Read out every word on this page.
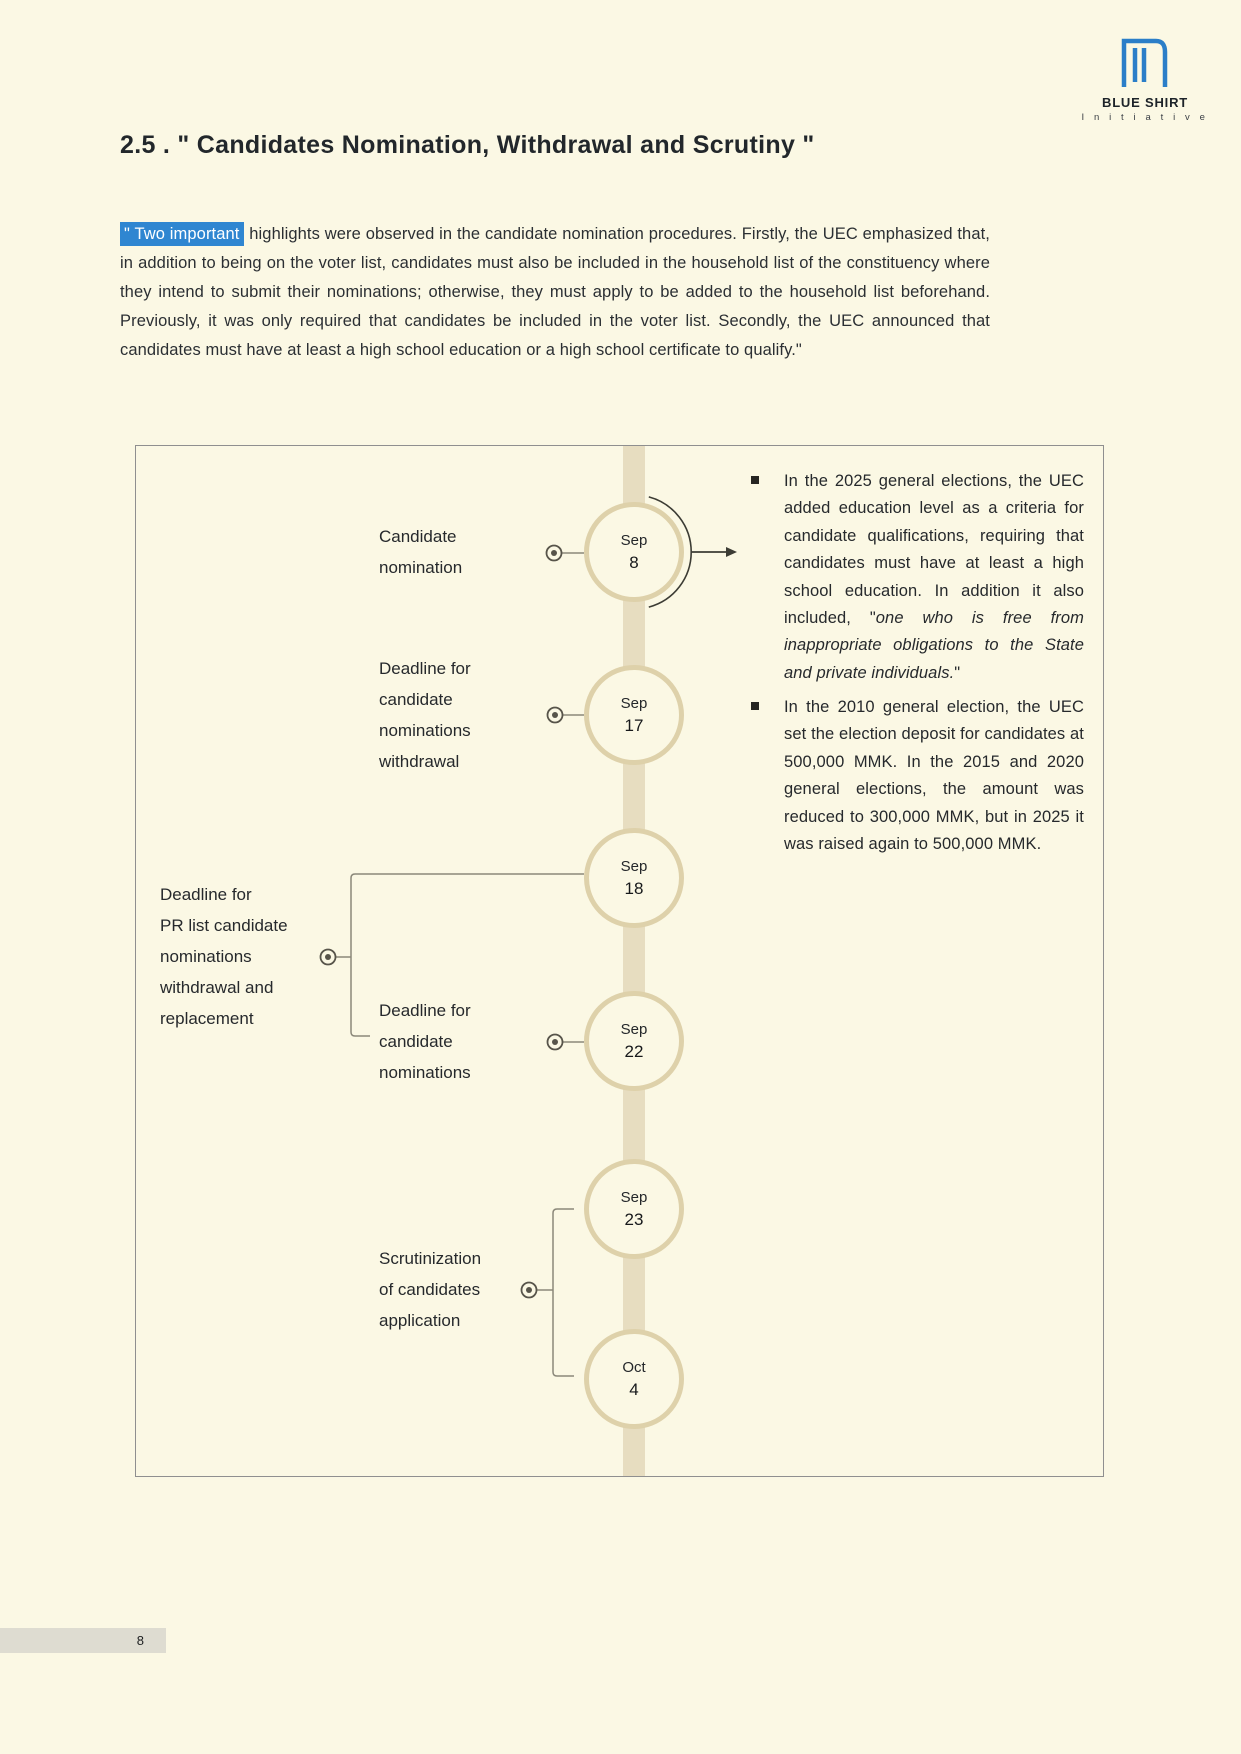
BLUE SHIRT
I n i t i a t i v e
2.5 . " Candidates Nomination, Withdrawal and Scrutiny "

" Two important highlights were observed in the candidate nomination procedures. Firstly, the UEC emphasized that, in addition to being on the voter list, candidates must also be included in the household list of the constituency where they intend to submit their nominations; otherwise, they must apply to be added to the household list beforehand. Previously, it was only required that candidates be included in the voter list. Secondly, the UEC announced that candidates must have at least a high school education or a high school certificate to qualify."

Sep
8
Sep
17
Sep
18
Sep
22
Sep
23
Oct
4
Candidate
nomination
Deadline for
candidate
nominations
withdrawal
Deadline for
PR list candidate
nominations
withdrawal and
replacement	Deadline for
candidate
nominations
Scrutinization
of candidates
application
In the 2025 general elections, the UEC added education level as a criteria for candidate qualifications, requiring that candidates must have at least a high school education. In addition it also included, "one who is free from inappropriate obligations to the State and private individuals."
In the 2010 general election, the UEC set the election deposit for candidates at 500,000 MMK. In the 2015 and 2020 general elections, the amount was reduced to 300,000 MMK, but in 2025 it was raised again to 500,000 MMK.
8
